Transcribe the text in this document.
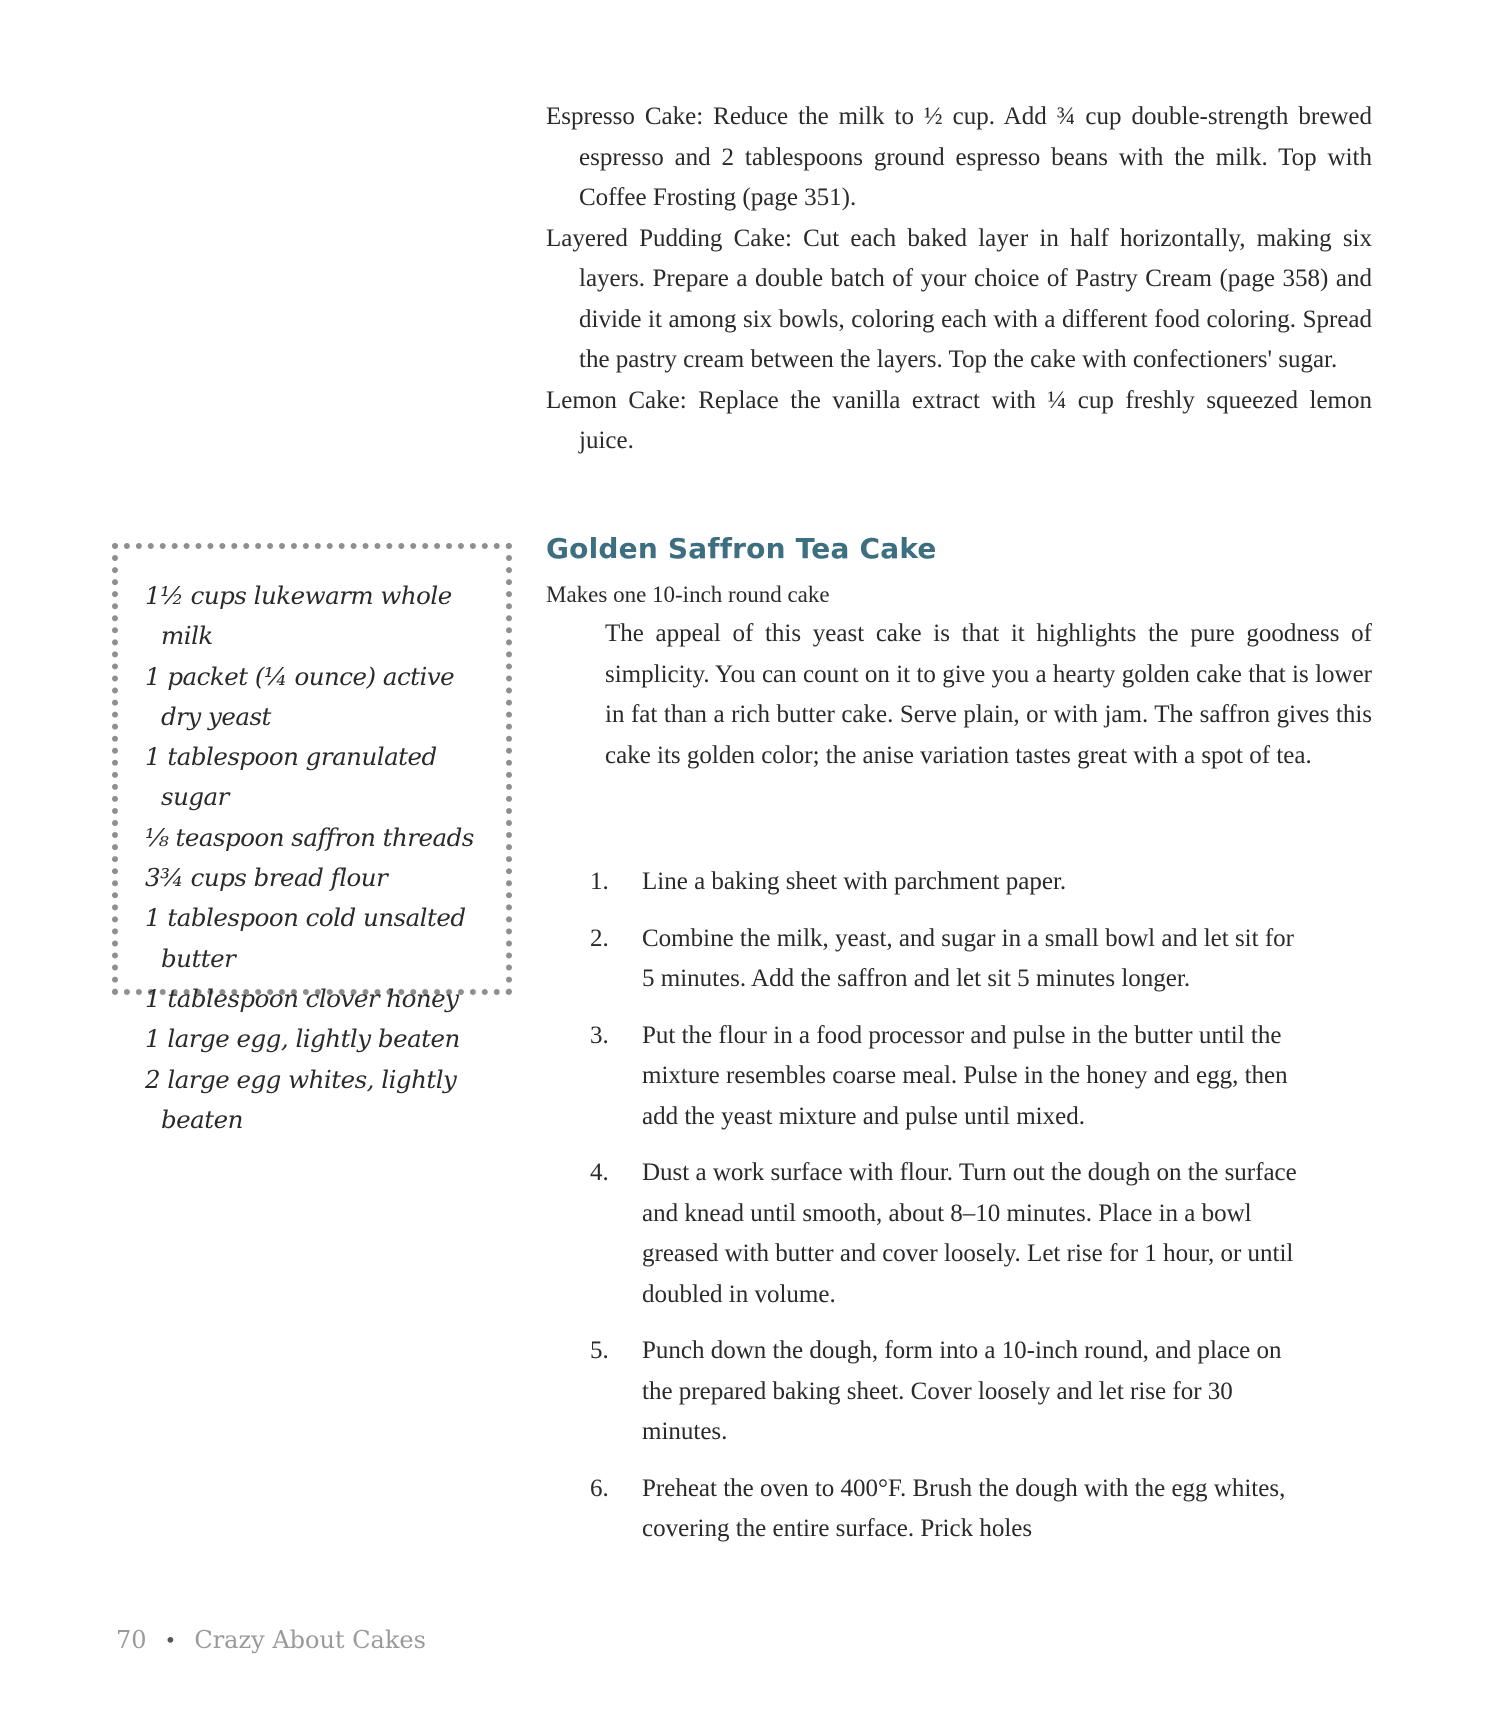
Espresso Cake: Reduce the milk to ½ cup. Add ¾ cup double-strength brewed espresso and 2 tablespoons ground espresso beans with the milk. Top with Coffee Frosting (page 351).
Layered Pudding Cake: Cut each baked layer in half horizontally, making six layers. Prepare a double batch of your choice of Pastry Cream (page 358) and divide it among six bowls, coloring each with a different food coloring. Spread the pastry cream between the layers. Top the cake with confectioners' sugar.
Lemon Cake: Replace the vanilla extract with ¼ cup freshly squeezed lemon juice.
1½ cups lukewarm whole milk
1 packet (¼ ounce) active dry yeast
1 tablespoon granulated sugar
⅛ teaspoon saffron threads
3¾ cups bread flour
1 tablespoon cold unsalted butter
1 tablespoon clover honey
1 large egg, lightly beaten
2 large egg whites, lightly beaten
Golden Saffron Tea Cake
Makes one 10-inch round cake

The appeal of this yeast cake is that it highlights the pure goodness of simplicity. You can count on it to give you a hearty golden cake that is lower in fat than a rich butter cake. Serve plain, or with jam. The saffron gives this cake its golden color; the anise variation tastes great with a spot of tea.

1.	Line a baking sheet with parchment paper.
2.	Combine the milk, yeast, and sugar in a small bowl and let sit for 5 minutes. Add the saffron and let sit 5 minutes longer.
3.	Put the flour in a food processor and pulse in the butter until the mixture resembles coarse meal. Pulse in the honey and egg, then add the yeast mixture and pulse until mixed.
4.	Dust a work surface with flour. Turn out the dough on the surface and knead until smooth, about 8–10 minutes. Place in a bowl greased with butter and cover loosely. Let rise for 1 hour, or until doubled in volume.
5.	Punch down the dough, form into a 10-inch round, and place on the prepared baking sheet. Cover loosely and let rise for 30 minutes.
6.	Preheat the oven to 400°F. Brush the dough with the egg whites, covering the entire surface. Prick holes
70 • Crazy About Cakes
